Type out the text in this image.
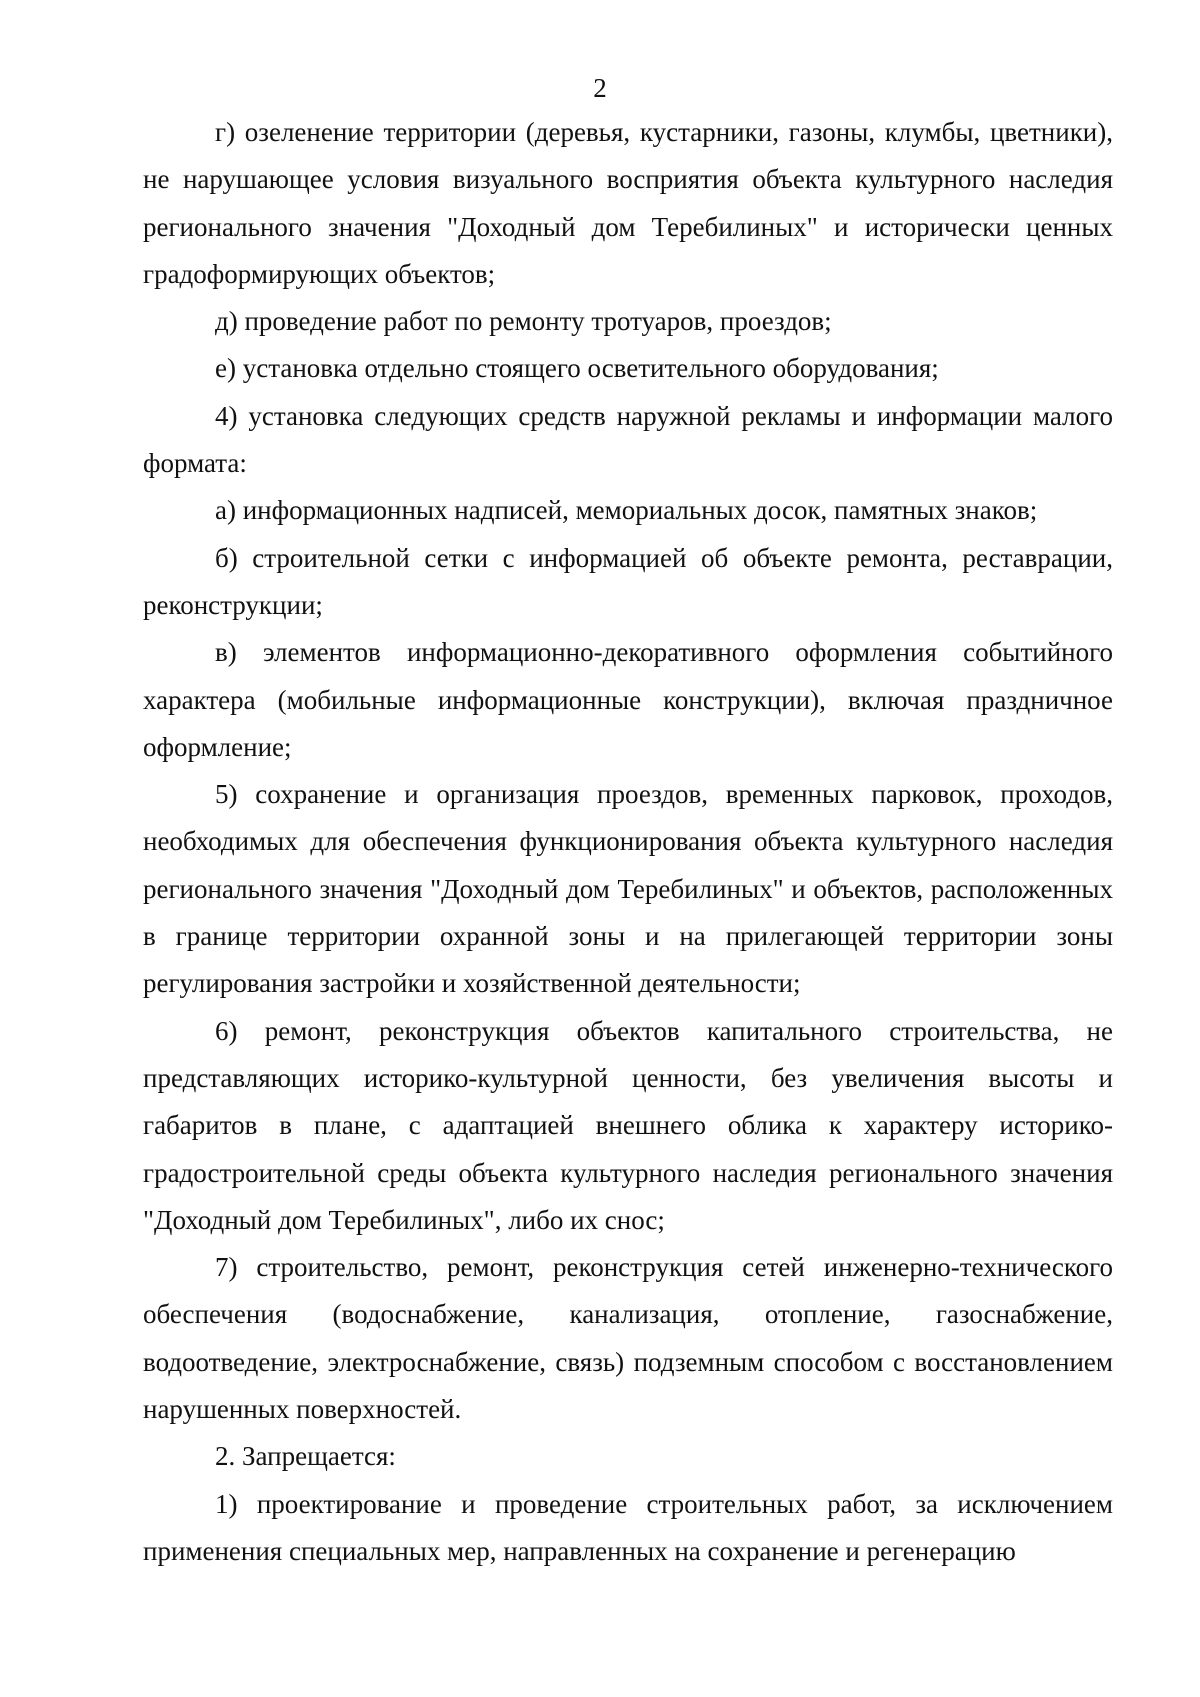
2

г) озеленение территории (деревья, кустарники, газоны, клумбы, цветники), не нарушающее условия визуального восприятия объекта культурного наследия регионального значения "Доходный дом Теребилиных" и исторически ценных градоформирующих объектов;

д) проведение работ по ремонту тротуаров, проездов;

е) установка отдельно стоящего осветительного оборудования;

4) установка следующих средств наружной рекламы и информации малого формата:

а) информационных надписей, мемориальных досок, памятных знаков;

б) строительной сетки с информацией об объекте ремонта, реставрации, реконструкции;

в) элементов информационно-декоративного оформления событийного характера (мобильные информационные конструкции), включая праздничное оформление;

5) сохранение и организация проездов, временных парковок, проходов, необходимых для обеспечения функционирования объекта культурного наследия регионального значения "Доходный дом Теребилиных" и объектов, расположенных в границе территории охранной зоны и на прилегающей территории зоны регулирования застройки и хозяйственной деятельности;

6) ремонт, реконструкция объектов капитального строительства, не представляющих историко-культурной ценности, без увеличения высоты и габаритов в плане, с адаптацией внешнего облика к характеру историко-градостроительной среды объекта культурного наследия регионального значения "Доходный дом Теребилиных", либо их снос;

7) строительство, ремонт, реконструкция сетей инженерно-технического обеспечения (водоснабжение, канализация, отопление, газоснабжение, водоотведение, электроснабжение, связь) подземным способом с восстановлением нарушенных поверхностей.

2. Запрещается:

1) проектирование и проведение строительных работ, за исключением применения специальных мер, направленных на сохранение и регенерацию
